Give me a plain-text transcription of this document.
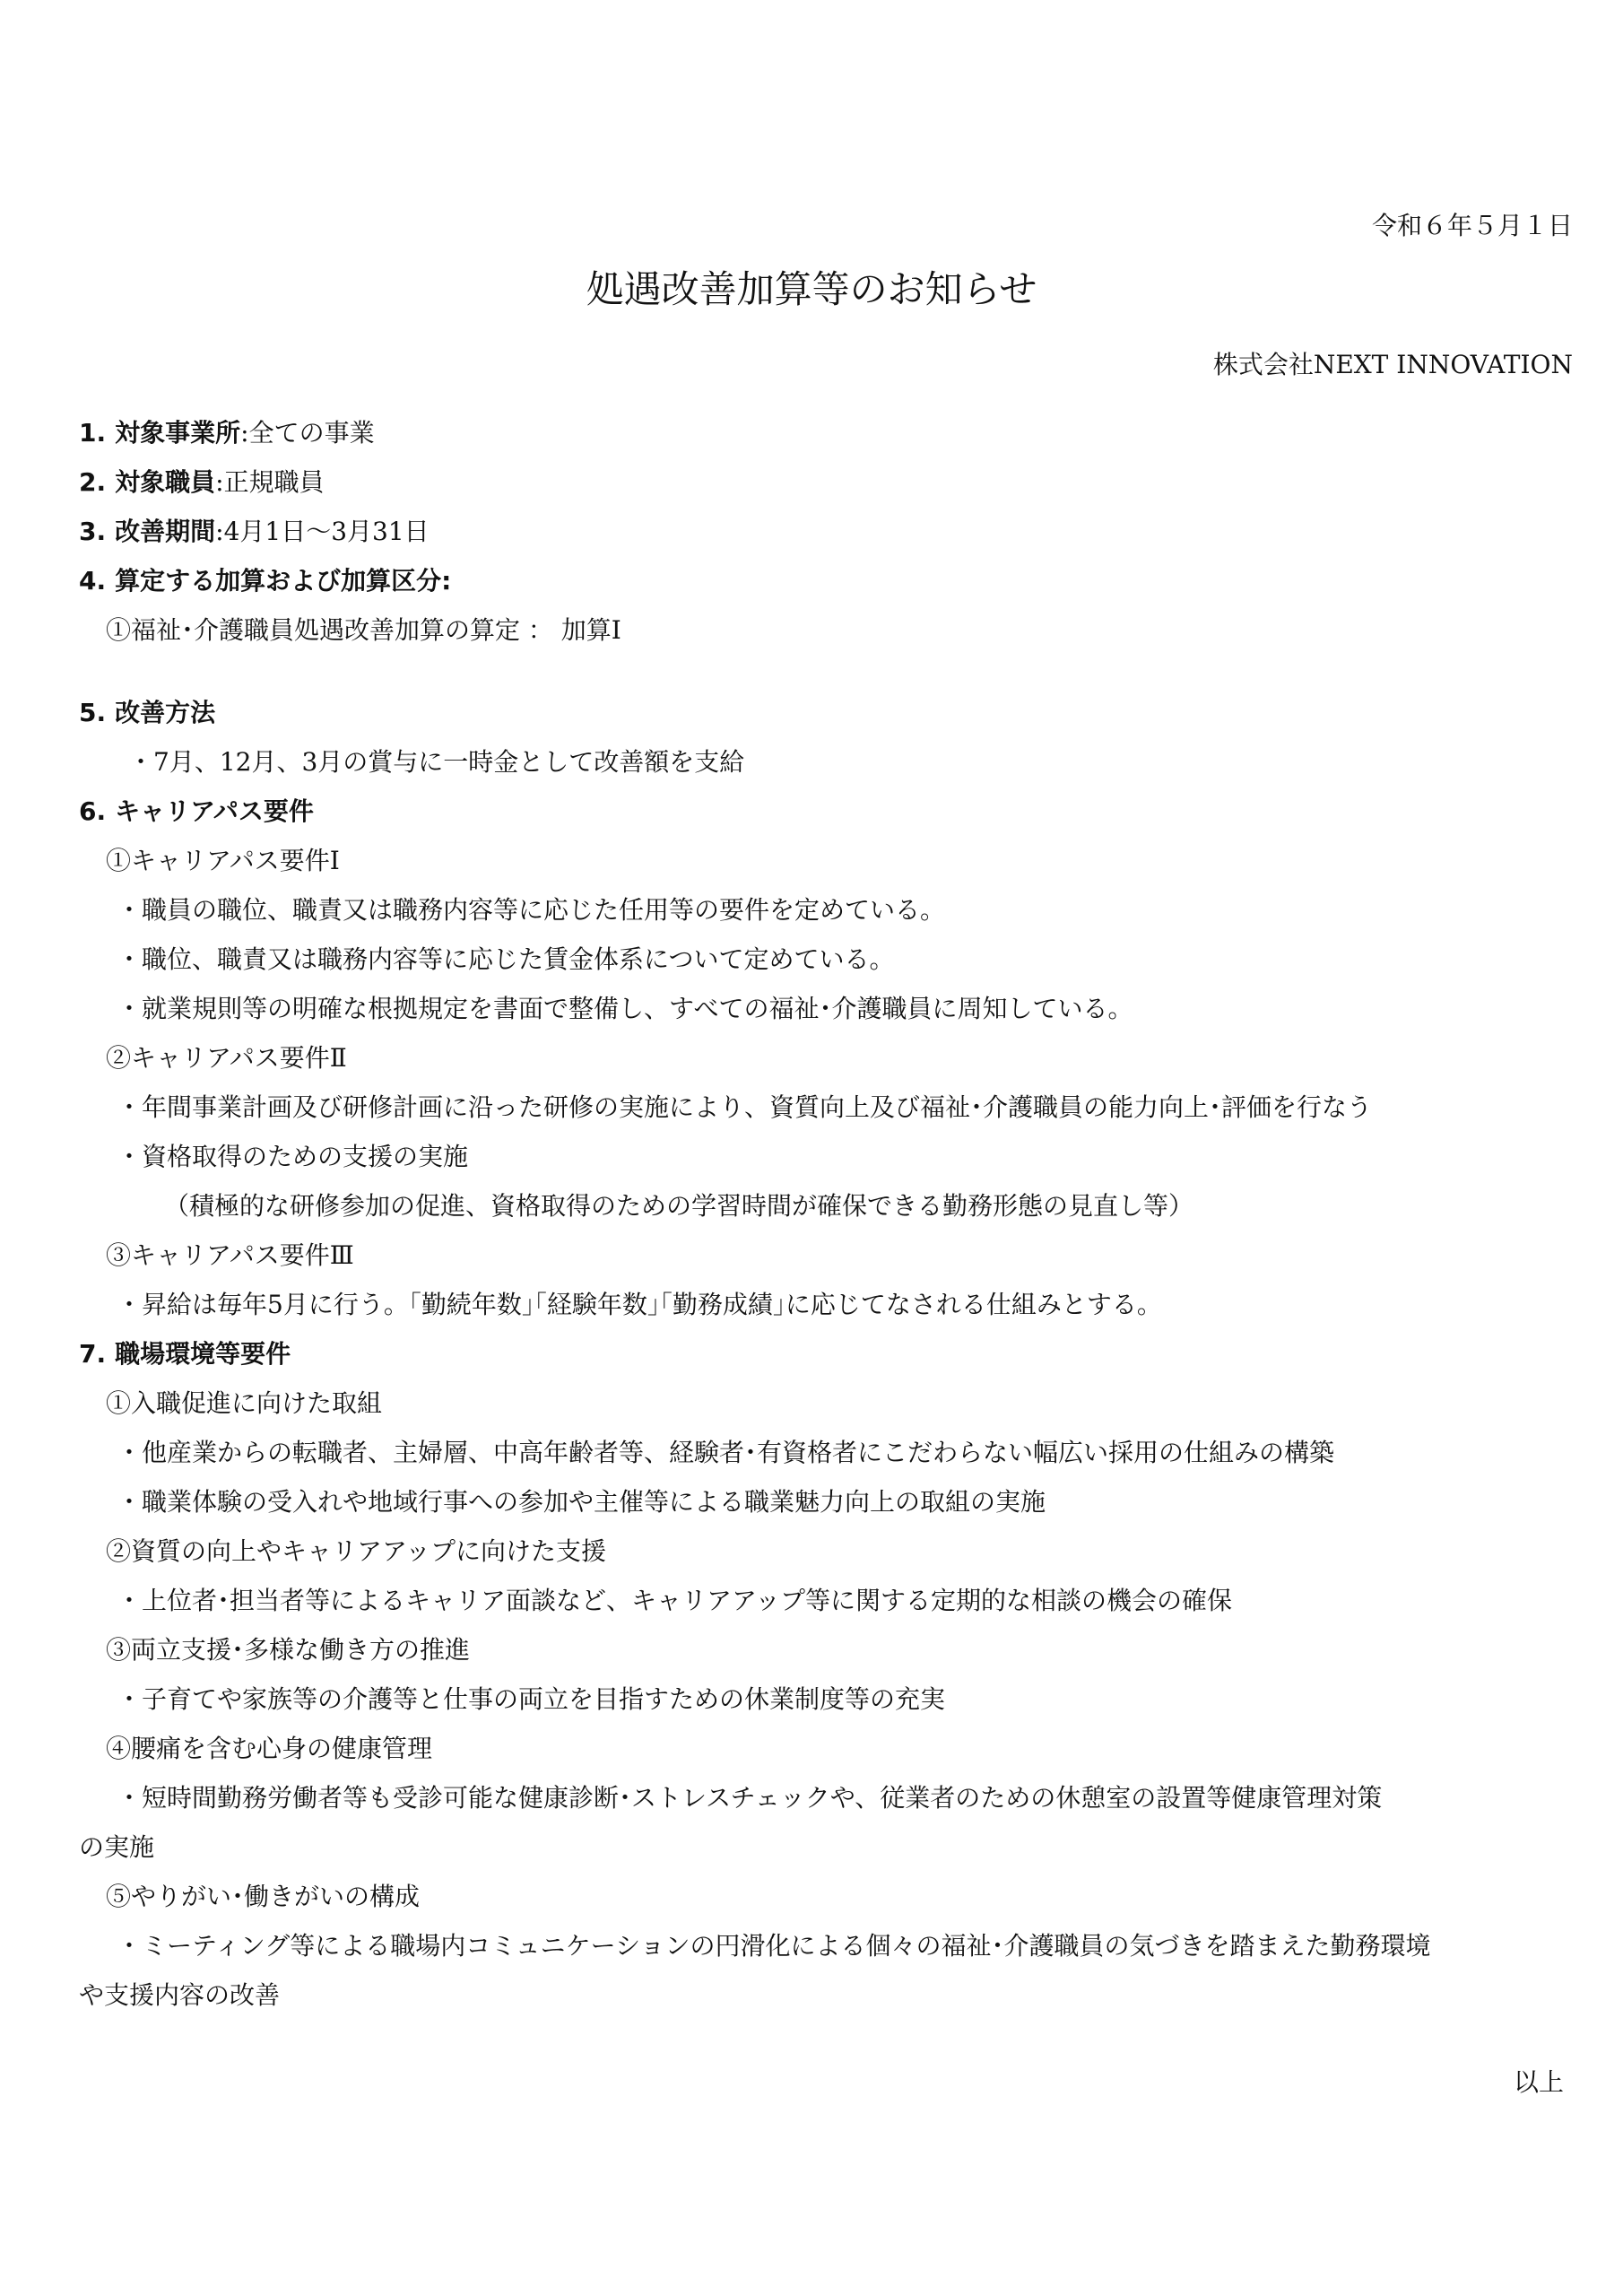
令和６年５月１日
処遇改善加算等のお知らせ
株式会社NEXT INNOVATION
1. 対象事業所:全ての事業
2. 対象職員:正規職員
3. 改善期間:4月1日～3月31日
4. 算定する加算および加算区分:
①福祉･介護職員処遇改善加算の算定 ： 加算Ⅰ
5. 改善方法
・7月、12月、3月の賞与に一時金として改善額を支給
6. キャリアパス要件
①キャリアパス要件Ⅰ
・職員の職位、職責又は職務内容等に応じた任用等の要件を定めている。
・職位、職責又は職務内容等に応じた賃金体系について定めている。
・就業規則等の明確な根拠規定を書面で整備し、すべての福祉･介護職員に周知している。
②キャリアパス要件Ⅱ
・年間事業計画及び研修計画に沿った研修の実施により、資質向上及び福祉･介護職員の能力向上･評価を行なう
・資格取得のための支援の実施
（積極的な研修参加の促進、資格取得のための学習時間が確保できる勤務形態の見直し等）
③キャリアパス要件Ⅲ
・昇給は毎年5月に行う。｢勤続年数｣｢経験年数｣｢勤務成績｣に応じてなされる仕組みとする。
7. 職場環境等要件
①入職促進に向けた取組
・他産業からの転職者、主婦層、中高年齢者等、経験者･有資格者にこだわらない幅広い採用の仕組みの構築
・職業体験の受入れや地域行事への参加や主催等による職業魅力向上の取組の実施
②資質の向上やキャリアアップに向けた支援
・上位者･担当者等によるキャリア面談など、キャリアアップ等に関する定期的な相談の機会の確保
③両立支援･多様な働き方の推進
・子育てや家族等の介護等と仕事の両立を目指すための休業制度等の充実
④腰痛を含む心身の健康管理
・短時間勤務労働者等も受診可能な健康診断･ストレスチェックや、従業者のための休憩室の設置等健康管理対策
の実施
⑤やりがい･働きがいの構成
・ミーティング等による職場内コミュニケーションの円滑化による個々の福祉･介護職員の気づきを踏まえた勤務環境
や支援内容の改善
以上
